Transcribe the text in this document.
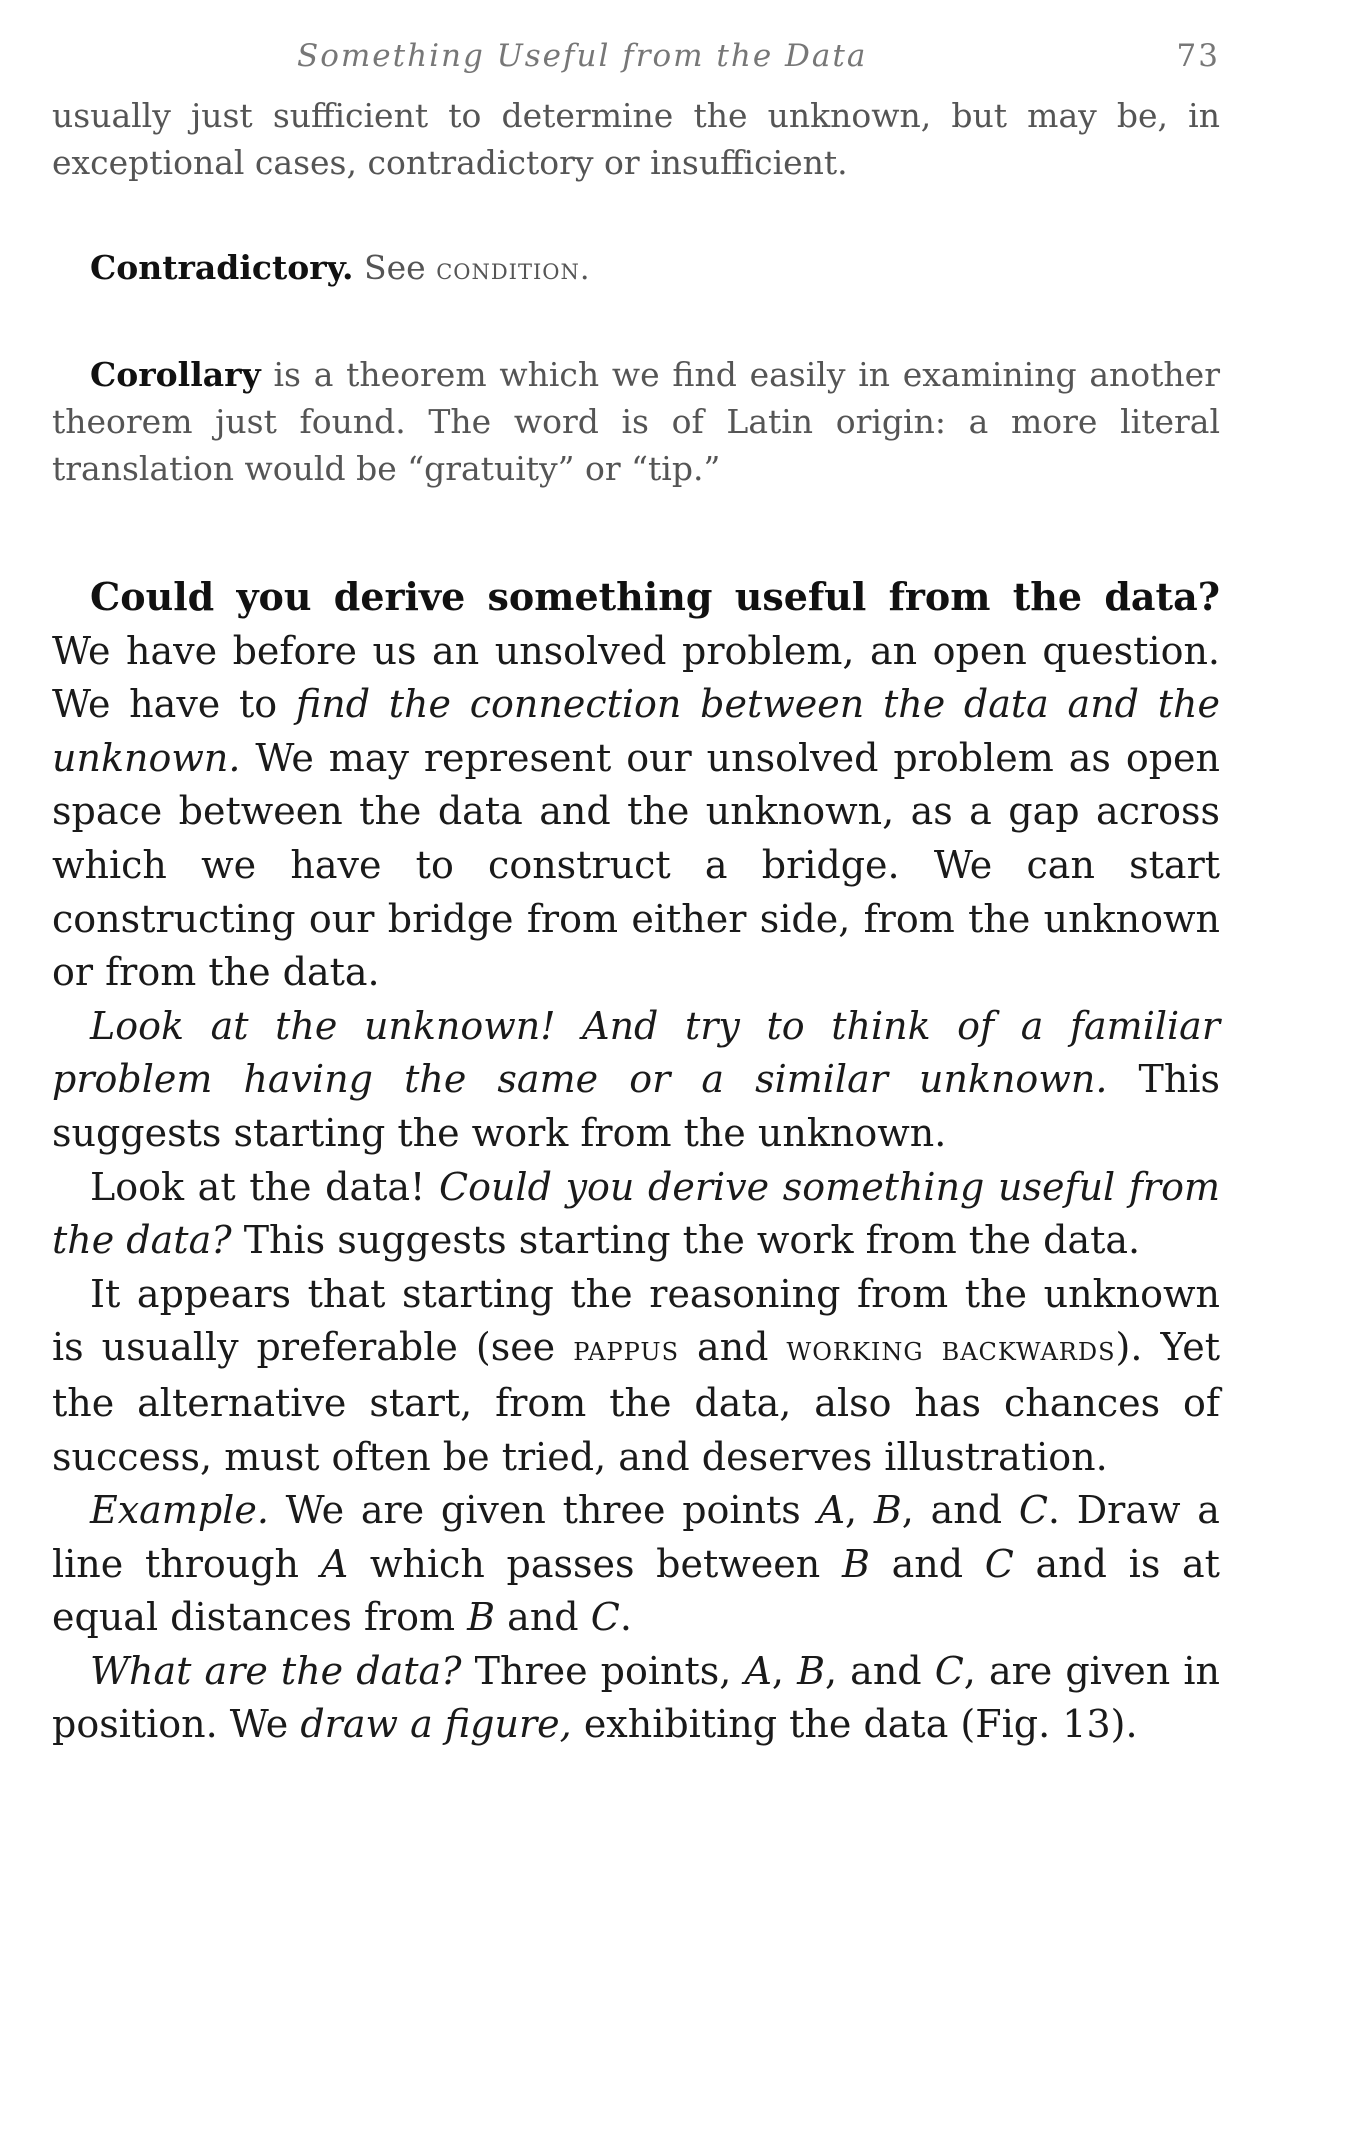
Something Useful from the Data	73

usually just sufficient to determine the unknown, but may be, in exceptional cases, contradictory or insufficient.

Contradictory. See condition.

Corollary is a theorem which we find easily in examining another theorem just found. The word is of Latin origin: a more literal translation would be “gratuity” or “tip.”

Could you derive something useful from the data? We have before us an unsolved problem, an open question. We have to find the connection between the data and the unknown. We may represent our unsolved problem as open space between the data and the unknown, as a gap across which we have to construct a bridge. We can start constructing our bridge from either side, from the unknown or from the data.

Look at the unknown! And try to think of a familiar problem having the same or a similar unknown. This suggests starting the work from the unknown.

Look at the data! Could you derive something useful from the data? This suggests starting the work from the data.

It appears that starting the reasoning from the unknown is usually preferable (see pappus and working backwards). Yet the alternative start, from the data, also has chances of success, must often be tried, and deserves illustration.

Example. We are given three points A, B, and C. Draw a line through A which passes between B and C and is at equal distances from B and C.

What are the data? Three points, A, B, and C, are given in position. We draw a figure, exhibiting the data (Fig. 13).
